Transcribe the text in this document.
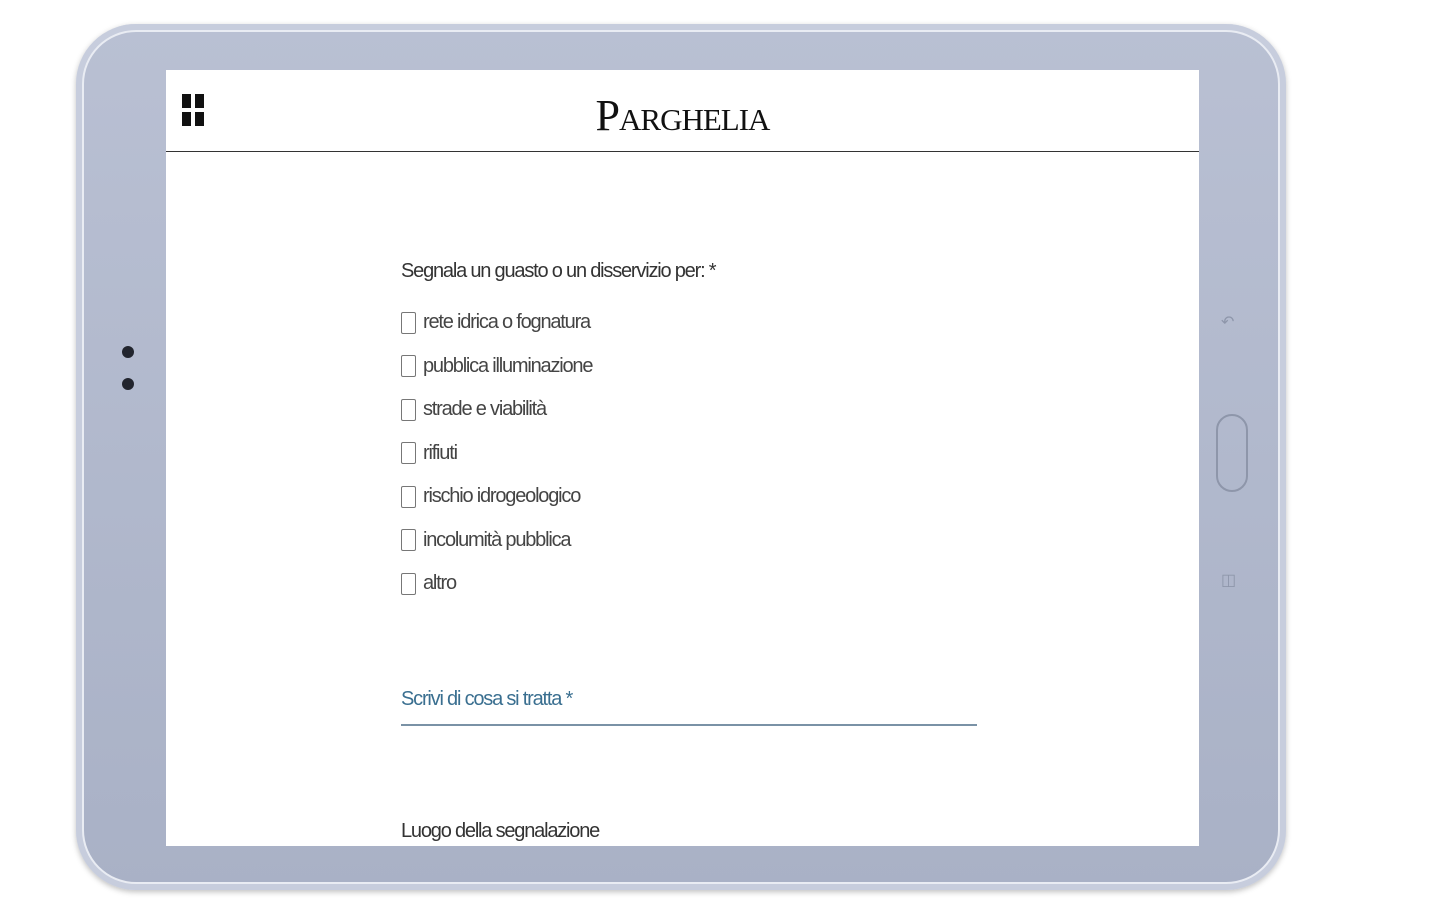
↶
◫
Parghelia
Segnala un guasto o un disservizio per: *
rete idrica o fognatura
pubblica illuminazione
strade e viabilità
rifiuti
rischio idrogeologico
incolumità pubblica
altro
Scrivi di cosa si tratta *
Luogo della segnalazione
